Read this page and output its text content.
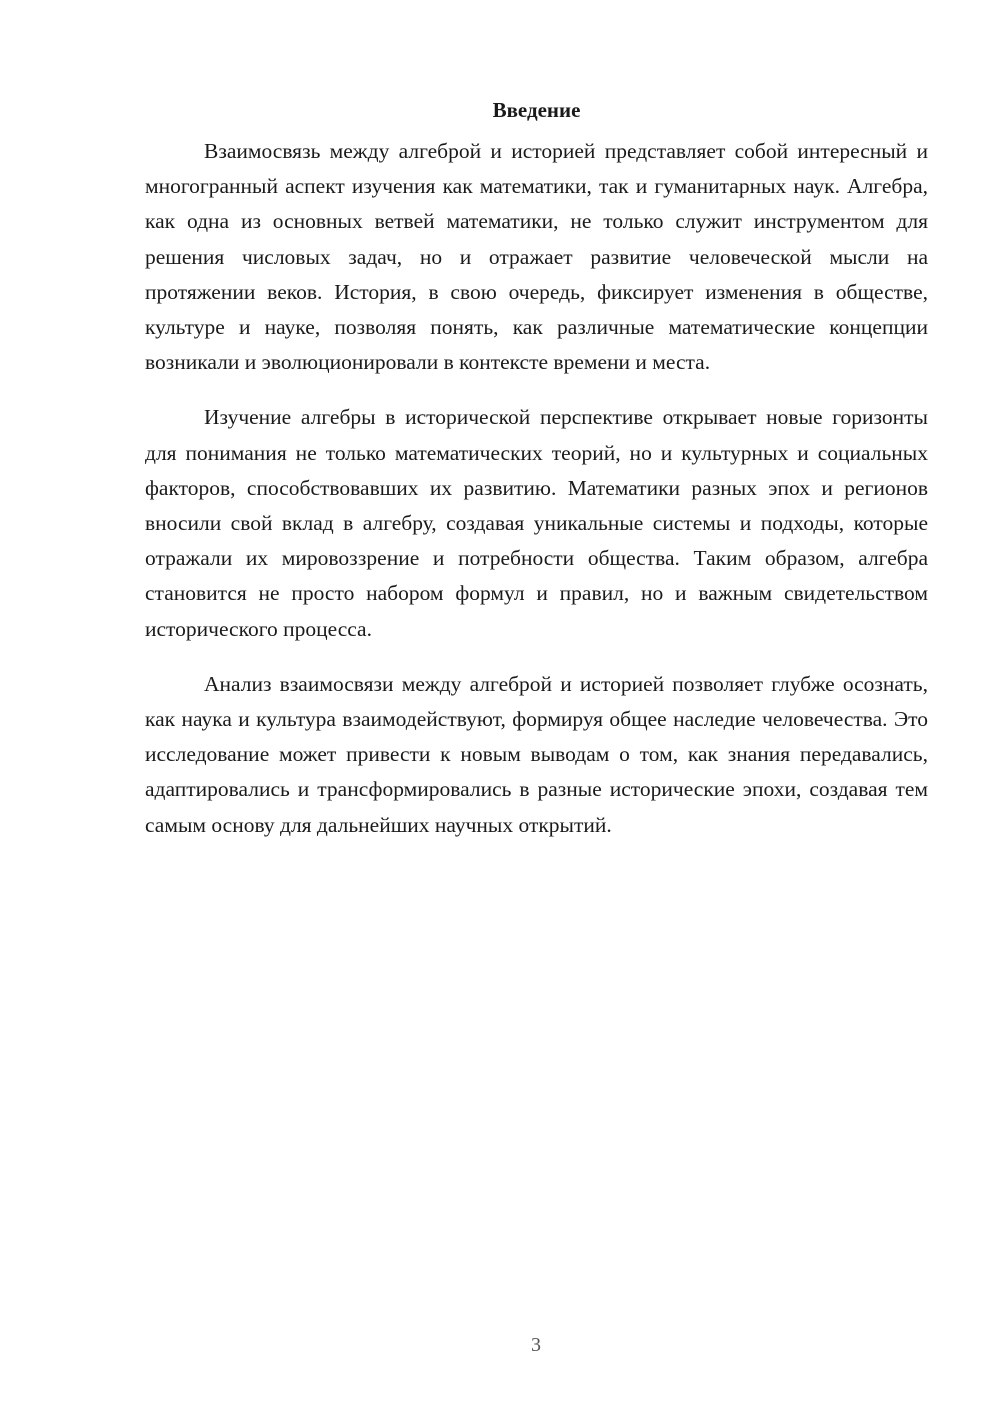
Введение

Взаимосвязь между алгеброй и историей представляет собой интересный и многогранный аспект изучения как математики, так и гуманитарных наук. Алгебра, как одна из основных ветвей математики, не только служит инструментом для решения числовых задач, но и отражает развитие человеческой мысли на протяжении веков. История, в свою очередь, фиксирует изменения в обществе, культуре и науке, позволяя понять, как различные математические концепции возникали и эволюционировали в контексте времени и места.

Изучение алгебры в исторической перспективе открывает новые горизонты для понимания не только математических теорий, но и культурных и социальных факторов, способствовавших их развитию. Математики разных эпох и регионов вносили свой вклад в алгебру, создавая уникальные системы и подходы, которые отражали их мировоззрение и потребности общества. Таким образом, алгебра становится не просто набором формул и правил, но и важным свидетельством исторического процесса.

Анализ взаимосвязи между алгеброй и историей позволяет глубже осознать, как наука и культура взаимодействуют, формируя общее наследие человечества. Это исследование может привести к новым выводам о том, как знания передавались, адаптировались и трансформировались в разные исторические эпохи, создавая тем самым основу для дальнейших научных открытий.

3
